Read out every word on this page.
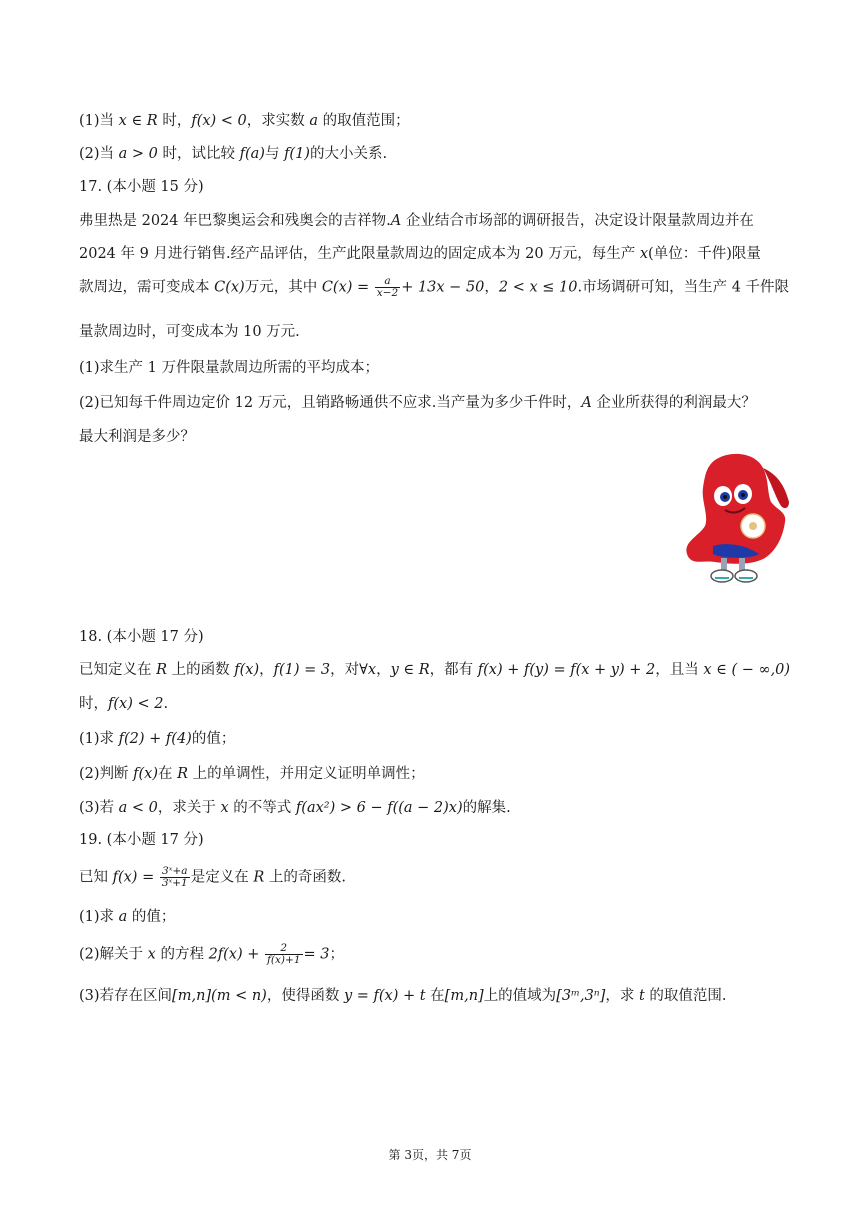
(1)当 x ∈ R 时，f(x) < 0，求实数 a 的取值范围；
(2)当 a > 0 时，试比较 f(a)与 f(1)的大小关系.
17. (本小题 15 分)
弗里热是 2024 年巴黎奥运会和残奥会的吉祥物.A 企业结合市场部的调研报告，决定设计限量款周边并在
2024 年 9 月进行销售.经产品评估，生产此限量款周边的固定成本为 20 万元，每生产 x(单位：千件)限量
款周边，需可变成本 C(x)万元，其中 $C(x) = \frac{a}{x-2} + 13x - 50$，2 < x ≤ 10.市场调研可知，当生产 4 千件限
量款周边时，可变成本为 10 万元.
(1)求生产 1 万件限量款周边所需的平均成本；
(2)已知每千件周边定价 12 万元，且销路畅通供不应求.当产量为多少千件时，A 企业所获得的利润最大？
最大利润是多少？
18. (本小题 17 分)
已知定义在 R 上的函数 f(x)，f(1) = 3，对∀x，y ∈ R，都有 f(x) + f(y) = f(x + y) + 2，且当 x ∈ ( − ∞,0)
时，f(x) < 2.
(1)求 f(2) + f(4)的值；
(2)判断 f(x)在 R 上的单调性，并用定义证明单调性；
(3)若 a < 0，求关于 x 的不等式 f(ax²) > 6 − f((a − 2)x)的解集.
19. (本小题 17 分)
已知 $f(x) = \frac{\text{3ˣ+a}}{\text{3ˣ+1}}$ 是定义在 R 上的奇函数.
(1)求 a 的值；
(2)解关于 x 的方程 $2f(x) + \frac{2}{f(x)+1} = 3$；
(3)若存在区间[m,n](m < n)，使得函数 y = f(x) + t 在[m,n]上的值域为[3ᵐ,3ⁿ]，求 t 的取值范围.
第 3页，共 7页
